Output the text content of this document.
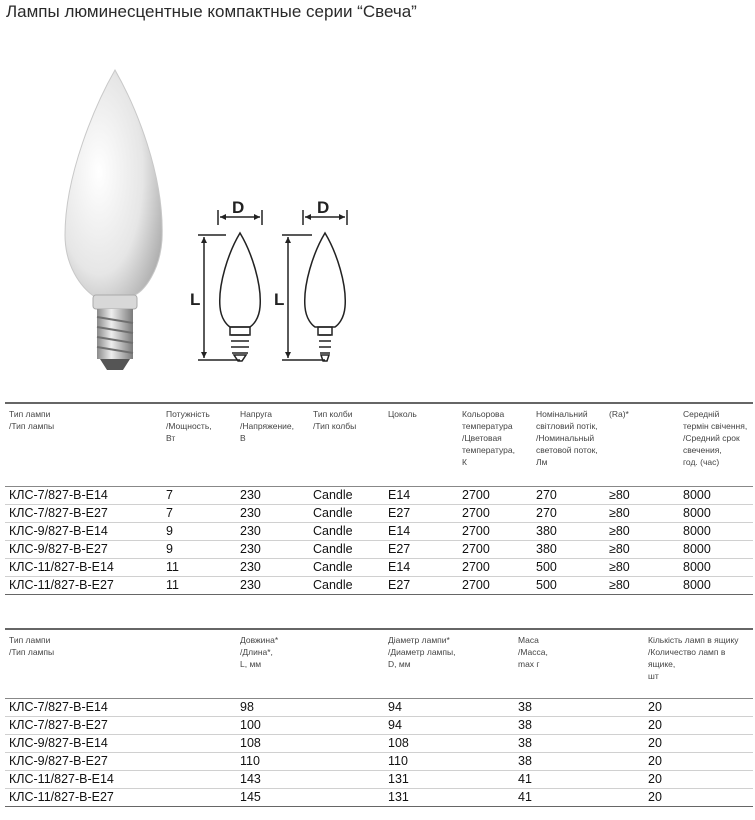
Лампы люминесцентные компактные серии “Свеча”
D
L
D
L
Тип лампи
/Тип лампы	Потужність
/Мощность,
Вт	Напруга
/Напряжение,
В	Тип колби
/Тип колбы	Цоколь	Кольорова
температура
/Цветовая
температура,
К	Номінальний
світловий потік,
/Номинальный
световой поток,
Лм	(Ra)*	Середній
термін свічення,
/Средний срок
свечения,
год. (час)

КЛС-7/827-В-Е14	7	230	Candle	E14	2700	270	≥80	8000
КЛС-7/827-В-Е27	7	230	Candle	E27	2700	270	≥80	8000
КЛС-9/827-В-Е14	9	230	Candle	E14	2700	380	≥80	8000
КЛС-9/827-В-Е27	9	230	Candle	E27	2700	380	≥80	8000
КЛС-11/827-В-Е14	11	230	Candle	E14	2700	500	≥80	8000
КЛС-11/827-В-Е27	11	230	Candle	E27	2700	500	≥80	8000
Тип лампи
/Тип лампы	Довжина*
/Длина*,
L, мм	Діаметр лампи*
/Диаметр лампы,
D, мм	Маса
/Масса,
max г	Кількість ламп в ящику
/Количество ламп в ящике,
шт

КЛС-7/827-В-Е14	98	94	38	20
КЛС-7/827-В-Е27	100	94	38	20
КЛС-9/827-В-Е14	108	108	38	20
КЛС-9/827-В-Е27	110	110	38	20
КЛС-11/827-В-Е14	143	131	41	20
КЛС-11/827-В-Е27	145	131	41	20
